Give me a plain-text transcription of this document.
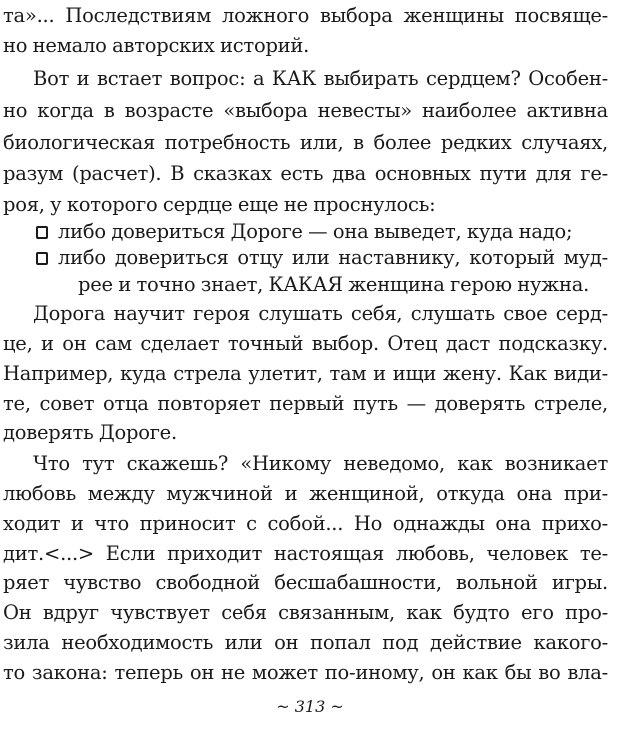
та»... Последствиям ложного выбора женщины посвяще-
но немало авторских историй.
Вот и встает вопрос: а КАК выбирать сердцем? Особен-
но когда в возрасте «выбора невесты» наиболее активна
биологическая потребность или, в более редких случаях,
разум (расчет). В сказках есть два основных пути для ге-
роя, у которого сердце еще не проснулось:
либо довериться Дороге — она выведет, куда надо;
либо довериться отцу или наставнику, который муд-
рее и точно знает, КАКАЯ женщина герою нужна.
Дорога научит героя слушать себя, слушать свое серд-
це, и он сам сделает точный выбор. Отец даст подсказку.
Например, куда стрела улетит, там и ищи жену. Как види-
те, совет отца повторяет первый путь — доверять стреле,
доверять Дороге.
Что тут скажешь? «Никому неведомо, как возникает
любовь между мужчиной и женщиной, откуда она при-
ходит и что приносит с собой... Но однажды она прихо-
дит.<...> Если приходит настоящая любовь, человек те-
ряет чувство свободной бесшабашности, вольной игры.
Он вдруг чувствует себя связанным, как будто его про-
зила необходимость или он попал под действие какого-
то закона: теперь он не может по-иному, он как бы во вла-
~ 313 ~
